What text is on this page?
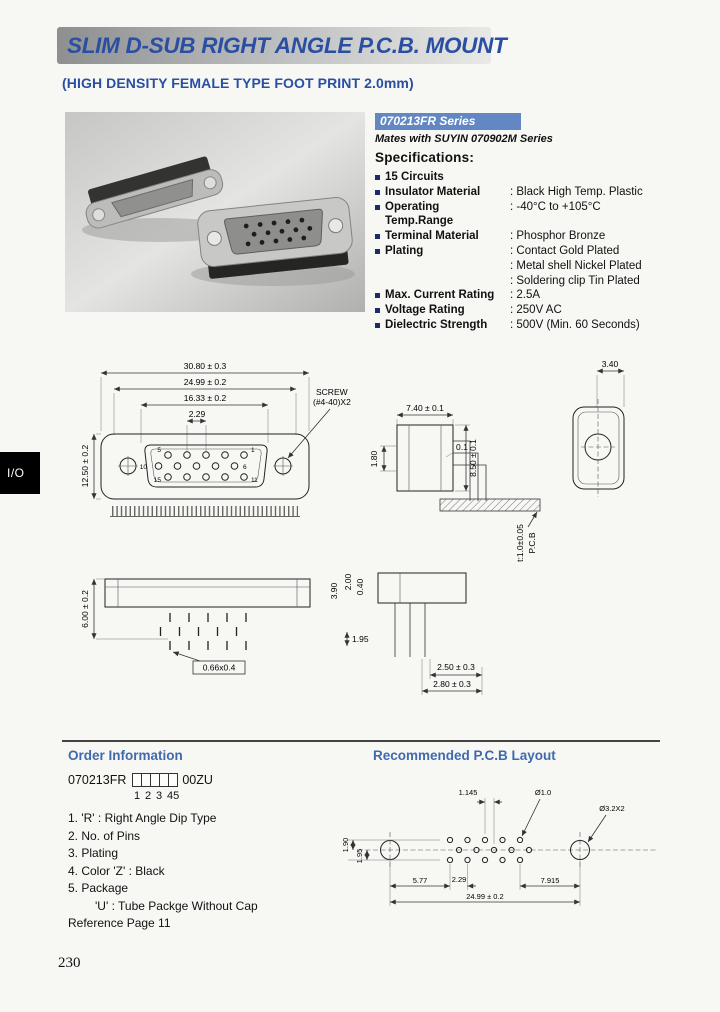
SLIM D-SUB RIGHT ANGLE P.C.B. MOUNT
(HIGH DENSITY FEMALE TYPE FOOT PRINT 2.0mm)
070213FR Series
Mates with SUYIN 070902M Series
Specifications:
15 Circuits
Insulator Material	: Black High Temp. Plastic
Operating Temp.Range
: -40°C to +105°C
Terminal Material	: Phosphor Bronze
Plating	: Contact Gold Plated
: Metal shell Nickel Plated
: Soldering clip Tin Plated
Max. Current Rating	: 2.5A
Voltage Rating	: 250V AC
Dielectric Strength	: 500V (Min. 60 Seconds)
I/O
30.80 ± 0.3
24.99 ± 0.2
16.33 ± 0.2
2.29
5	1
10	6
15	11
12.50 ± 0.2
SCREW
(#4-40)X2
7.40 ± 0.1
1.80
0.1 8.50 ± 0.1
t:1.0±0.05 P.C.B
3.40
6.00 ± 0.2
0.66x0.4
1.95
3.90
2.00 0.40
2.50 ± 0.3
2.80 ± 0.3
Order Information
070213FR	00ZU
1 2 3 45
1. 'R' : Right Angle Dip Type
2. No. of Pins
3. Plating
4. Color 'Z' : Black
5. Package
'U' : Tube Packge Without Cap
Reference Page 11
Recommended P.C.B Layout
1.145	Ø1.0
Ø3.2X2
1.90
1.95
5.77	2.29	7.915
24.99 ± 0.2
230
